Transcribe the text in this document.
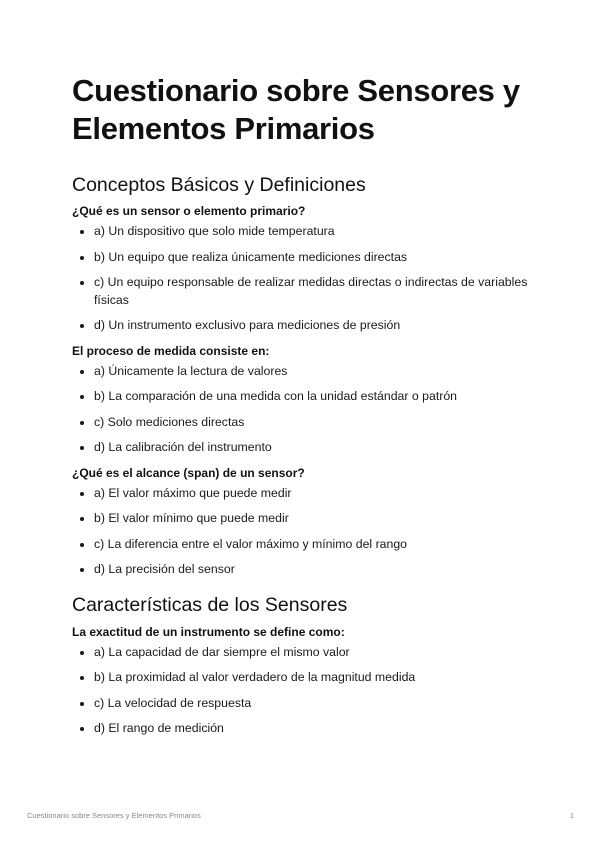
Cuestionario sobre Sensores y Elementos Primarios
Conceptos Básicos y Definiciones

¿Qué es un sensor o elemento primario?

a) Un dispositivo que solo mide temperatura
b) Un equipo que realiza únicamente mediciones directas
c) Un equipo responsable de realizar medidas directas o indirectas de variables físicas
d) Un instrumento exclusivo para mediciones de presión

El proceso de medida consiste en:

a) Únicamente la lectura de valores
b) La comparación de una medida con la unidad estándar o patrón
c) Solo mediciones directas
d) La calibración del instrumento

¿Qué es el alcance (span) de un sensor?

a) El valor máximo que puede medir
b) El valor mínimo que puede medir
c) La diferencia entre el valor máximo y mínimo del rango
d) La precisión del sensor
Características de los Sensores

La exactitud de un instrumento se define como:

a) La capacidad de dar siempre el mismo valor
b) La proximidad al valor verdadero de la magnitud medida
c) La velocidad de respuesta
d) El rango de medición
Cuestionario sobre Sensores y Elementos Primarios	1
